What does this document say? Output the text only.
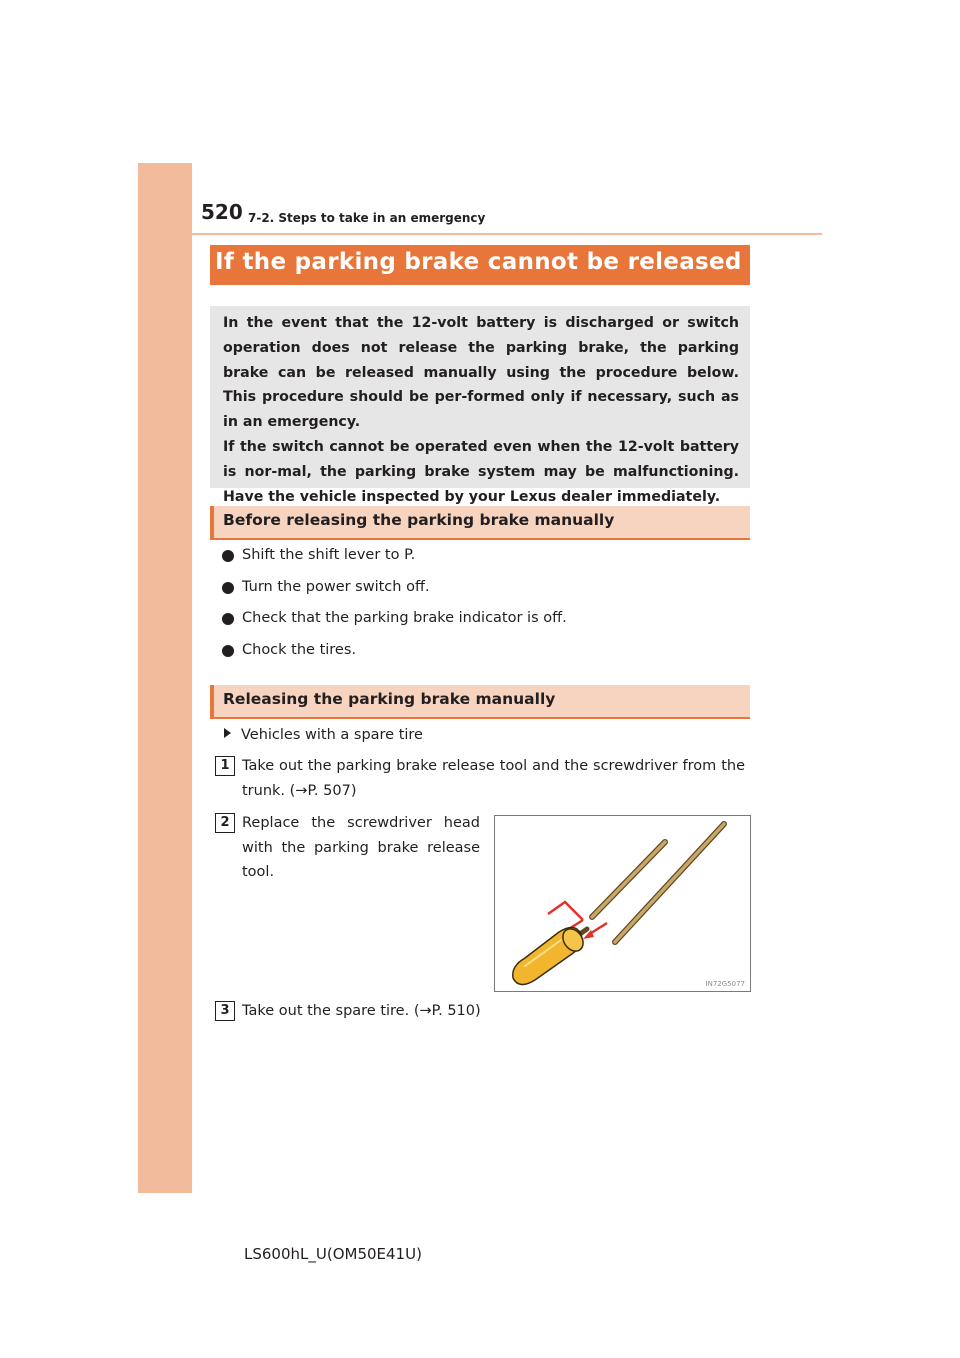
520 7-2. Steps to take in an emergency
If the parking brake cannot be released

In the event that the 12-volt battery is discharged or switch operation does not release the parking brake, the parking brake can be released manually using the procedure below. This procedure should be per-formed only if necessary, such as in an emergency.

If the switch cannot be operated even when the 12-volt battery is nor-mal, the parking brake system may be malfunctioning. Have the vehicle inspected by your Lexus dealer immediately.

Before releasing the parking brake manually
Shift the shift lever to P.
Turn the power switch off.
Check that the parking brake indicator is off.
Chock the tires.
Releasing the parking brake manually
Vehicles with a spare tire
1 Take out the parking brake release tool and the screwdriver from the trunk. (→P. 507)
2 Replace the screwdriver head with the parking brake release tool.
IN72G5077
3 Take out the spare tire. (→P. 510)
LS600hL_U(OM50E41U)
